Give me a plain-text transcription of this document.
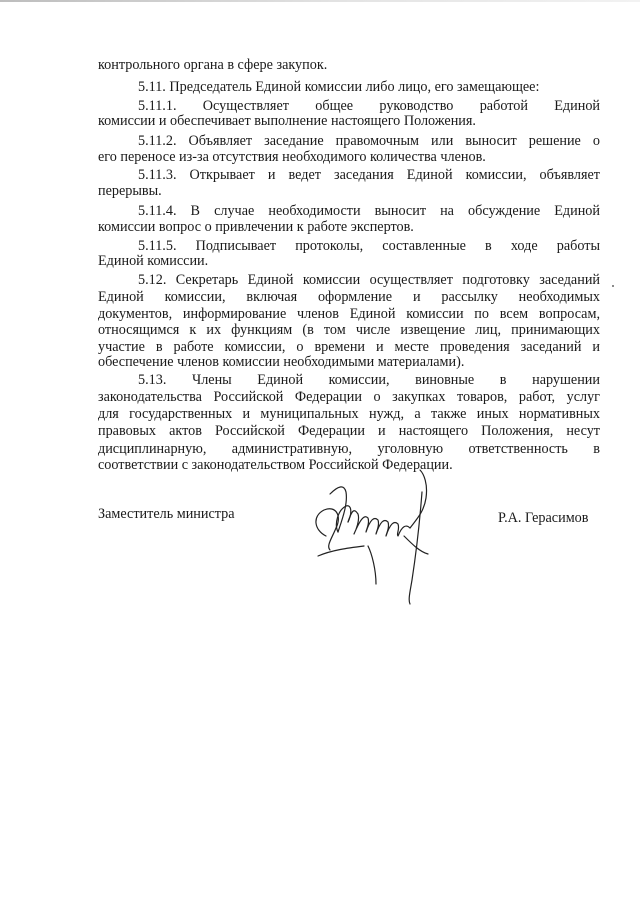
контрольного органа в сфере закупок.
5.11. Председатель Единой комиссии либо лицо, его замещающее:
5.11.1. Осуществляет общее руководство работой Единой
комиссии и обеспечивает выполнение настоящего Положения.
5.11.2. Объявляет заседание правомочным или выносит решение о
его переносе из-за отсутствия необходимого количества членов.
5.11.3. Открывает и ведет заседания Единой комиссии, объявляет
перерывы.
5.11.4. В случае необходимости выносит на обсуждение Единой
комиссии вопрос о привлечении к работе экспертов.
5.11.5. Подписывает протоколы, составленные в ходе работы
Единой комиссии.
5.12. Секретарь Единой комиссии осуществляет подготовку заседаний
Единой комиссии, включая оформление и рассылку необходимых
документов, информирование членов Единой комиссии по всем вопросам,
относящимся к их функциям (в том числе извещение лиц, принимающих
участие в работе комиссии, о времени и месте проведения заседаний и
обеспечение членов комиссии необходимыми материалами).
5.13. Члены Единой комиссии, виновные в нарушении
законодательства Российской Федерации о закупках товаров, работ, услуг
для государственных и муниципальных нужд, а также иных нормативных
правовых актов Российской Федерации и настоящего Положения, несут
дисциплинарную, административную, уголовную ответственность в
соответствии с законодательством Российской Федерации.
Заместитель министра	Р.А. Герасимов
